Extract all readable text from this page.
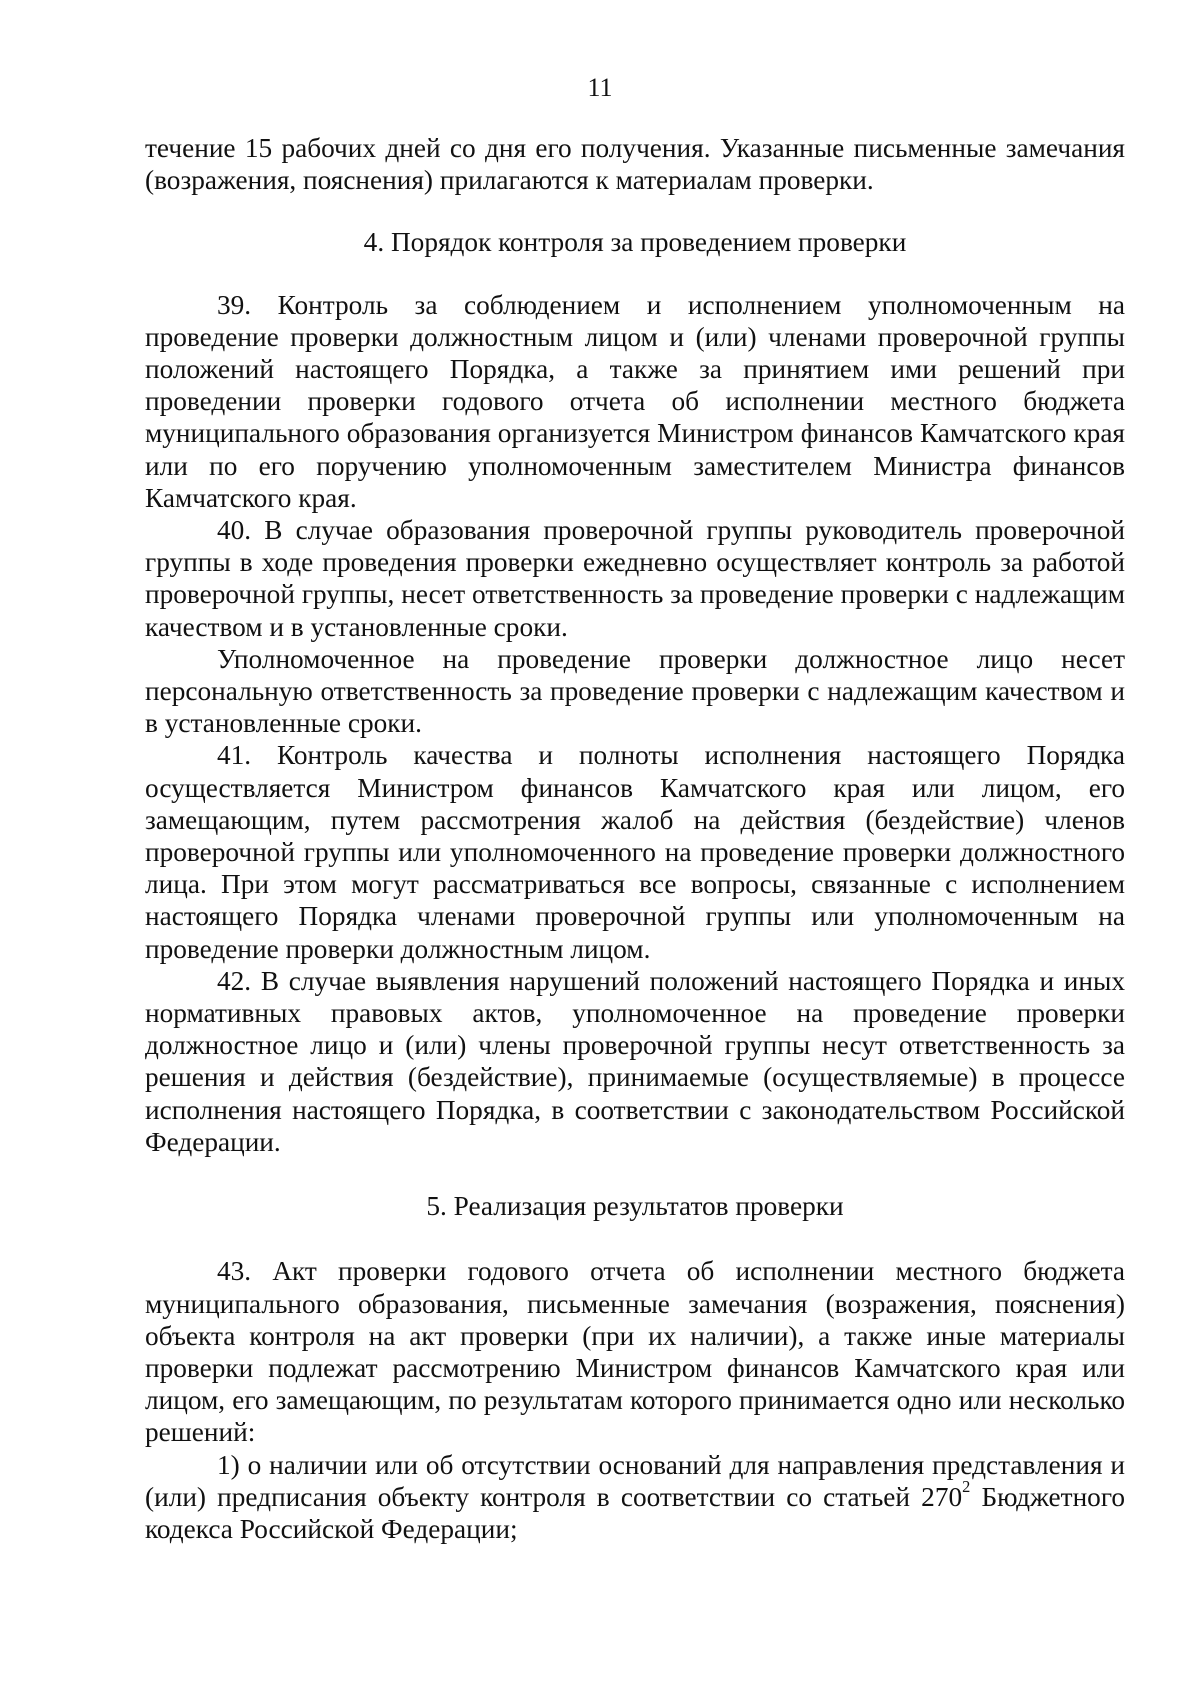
11

течение 15 рабочих дней со дня его получения. Указанные письменные замечания (возражения, пояснения) прилагаются к материалам проверки.

4. Порядок контроля за проведением проверки

39. Контроль за соблюдением и исполнением уполномоченным на проведение проверки должностным лицом и (или) членами проверочной группы положений настоящего Порядка, а также за принятием ими решений при проведении проверки годового отчета об исполнении местного бюджета муниципального образования организуется Министром финансов Камчатского края или по его поручению уполномоченным заместителем Министра финансов Камчатского края.

40. В случае образования проверочной группы руководитель проверочной группы в ходе проведения проверки ежедневно осуществляет контроль за работой проверочной группы, несет ответственность за проведение проверки с надлежащим качеством и в установленные сроки.

Уполномоченное на проведение проверки должностное лицо несет персональную ответственность за проведение проверки с надлежащим качеством и в установленные сроки.

41. Контроль качества и полноты исполнения настоящего Порядка осуществляется Министром финансов Камчатского края или лицом, его замещающим, путем рассмотрения жалоб на действия (бездействие) членов проверочной группы или уполномоченного на проведение проверки должностного лица. При этом могут рассматриваться все вопросы, связанные с исполнением настоящего Порядка членами проверочной группы или уполномоченным на проведение проверки должностным лицом.

42. В случае выявления нарушений положений настоящего Порядка и иных нормативных правовых актов, уполномоченное на проведение проверки должностное лицо и (или) члены проверочной группы несут ответственность за решения и действия (бездействие), принимаемые (осуществляемые) в процессе исполнения настоящего Порядка, в соответствии с законодательством Российской Федерации.

5. Реализация результатов проверки

43. Акт проверки годового отчета об исполнении местного бюджета муниципального образования, письменные замечания (возражения, пояснения) объекта контроля на акт проверки (при их наличии), а также иные материалы проверки подлежат рассмотрению Министром финансов Камчатского края или лицом, его замещающим, по результатам которого принимается одно или несколько решений:

1) о наличии или об отсутствии оснований для направления представления и (или) предписания объекту контроля в соответствии со статьей $270^2$ Бюджетного кодекса Российской Федерации;
